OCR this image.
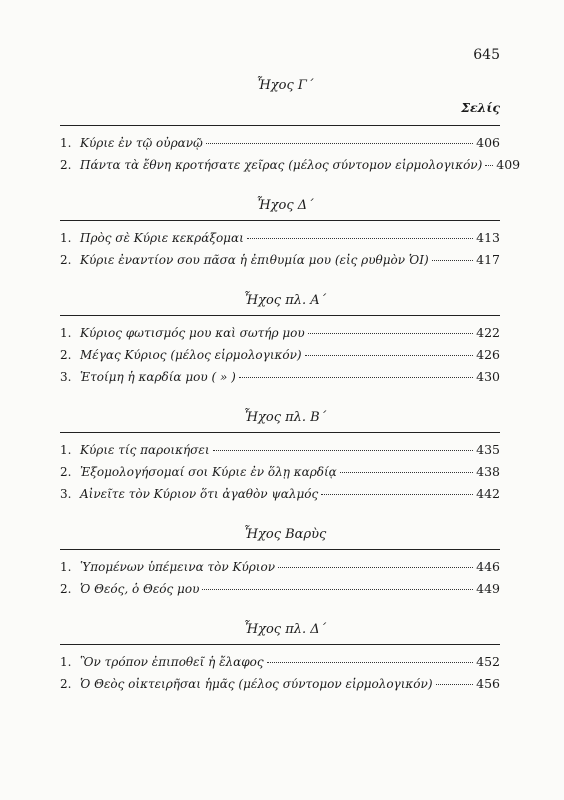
645
Ἦχος Γ΄
Σελίς
1. Κύριε ἐν τῷ οὐρανῷ	406
2. Πάντα τὰ ἔθνη κροτήσατε χεῖρας (μέλος σύντομον εἱρμολογικόν) 409
Ἦχος Δ΄
1. Πρὸς σὲ Κύριε κεκράξομαι	413
2. Κύριε ἐναντίον σου πᾶσα ἡ ἐπιθυμία μου (εἰς ρυθμὸν ὉΙ)	417
Ἦχος πλ. Α΄
1. Κύριος φωτισμός μου καὶ σωτήρ μου	422
2. Μέγας Κύριος (μέλος εἱρμολογικόν)	426
3. Ἑτοίμη ἡ καρδία μου ( » )	430
Ἦχος πλ. Β΄
1. Κύριε τίς παροικήσει	435
2. Ἐξομολογήσομαί σοι Κύριε ἐν ὅλῃ καρδίᾳ	438
3. Αἰνεῖτε τὸν Κύριον ὅτι ἀγαθὸν ψαλμός	442
Ἦχος Βαρὺς
1. Ὑπομένων ὑπέμεινα τὸν Κύριον	446
2. Ὁ Θεός, ὁ Θεός μου	449
Ἦχος πλ. Δ΄
1. Ὃν τρόπον ἐπιποθεῖ ἡ ἔλαφος	452
2. Ὁ Θεὸς οἰκτειρῆσαι ἡμᾶς (μέλος σύντομον εἱρμολογικόν)	456
